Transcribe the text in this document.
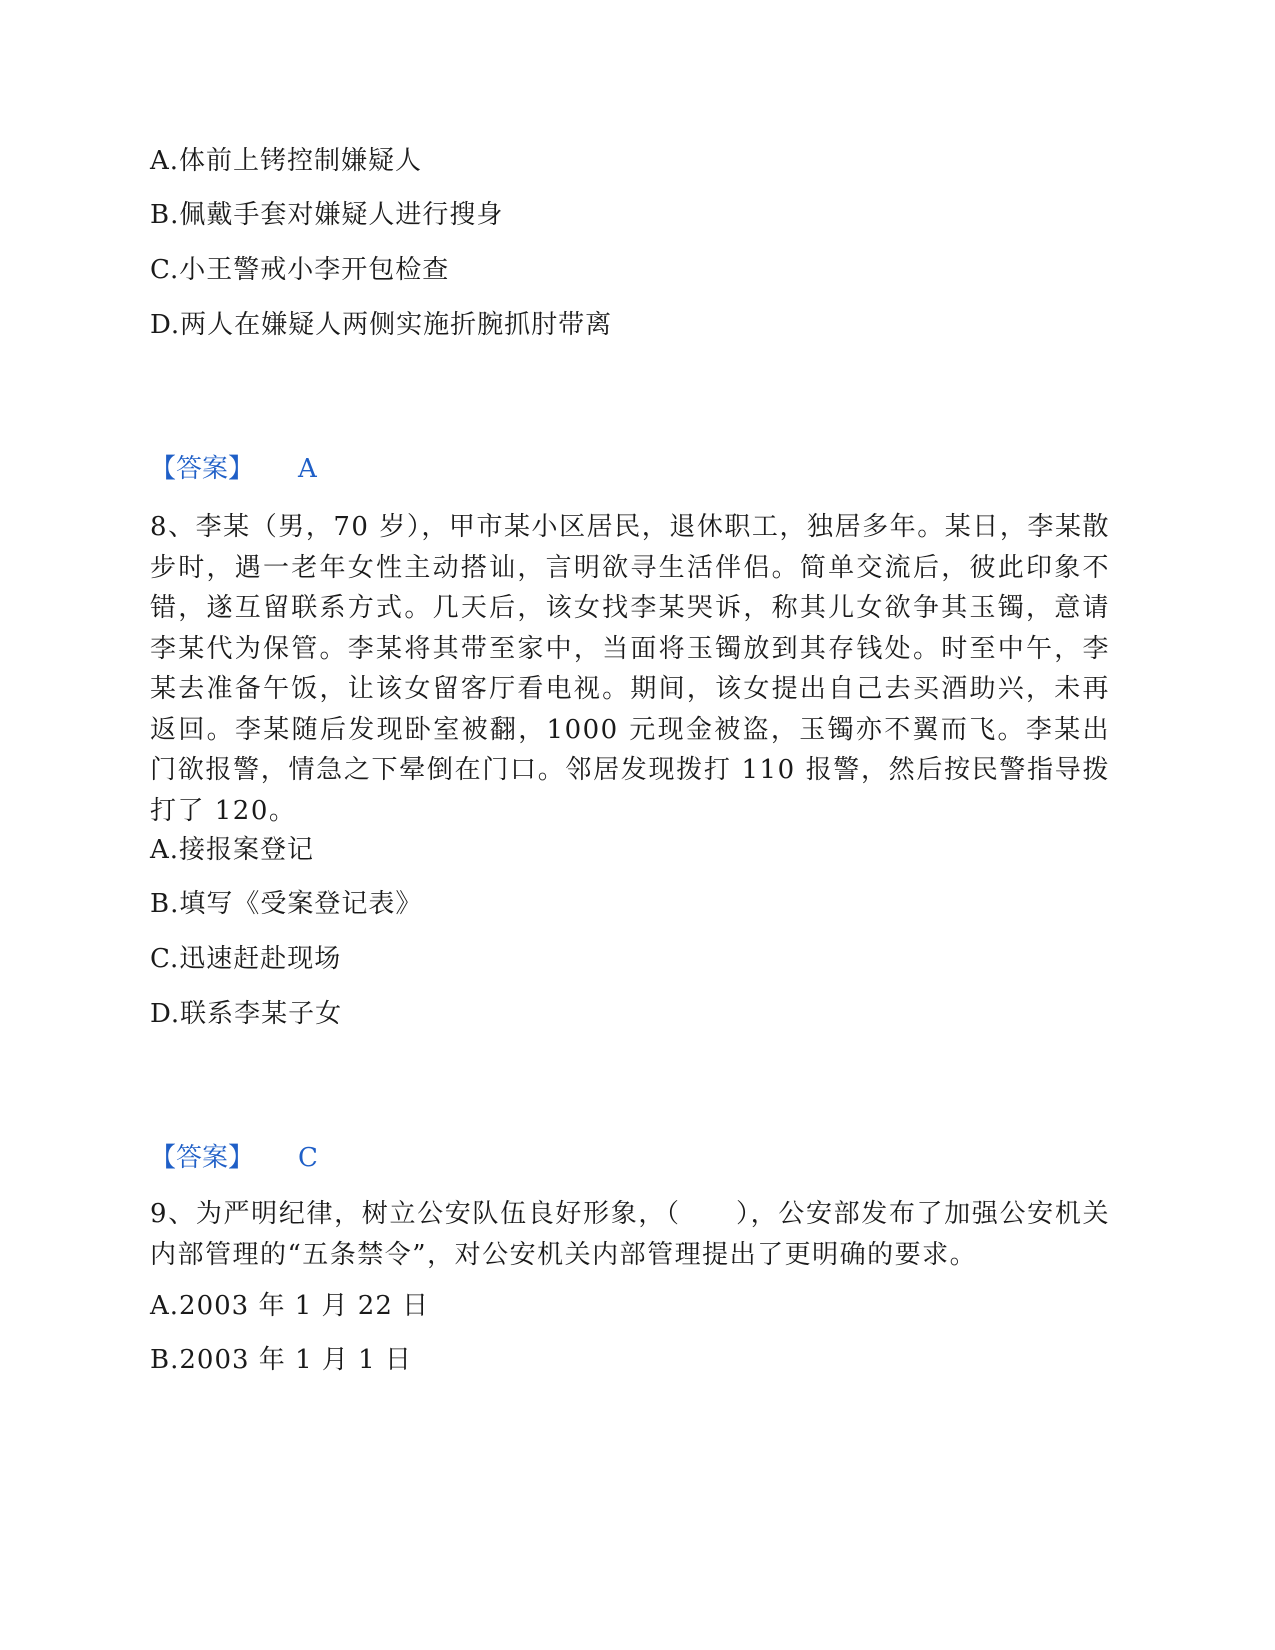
A.体前上铐控制嫌疑人
B.佩戴手套对嫌疑人进行搜身
C.小王警戒小李开包检查
D.两人在嫌疑人两侧实施折腕抓肘带离
【答案】 A
8、李某（男，70 岁），甲市某小区居民，退休职工，独居多年。某日，李某散步时，遇一老年女性主动搭讪，言明欲寻生活伴侣。简单交流后，彼此印象不错，遂互留联系方式。几天后，该女找李某哭诉，称其儿女欲争其玉镯，意请李某代为保管。李某将其带至家中，当面将玉镯放到其存钱处。时至中午，李某去准备午饭，让该女留客厅看电视。期间，该女提出自己去买酒助兴，未再返回。李某随后发现卧室被翻，1000 元现金被盗，玉镯亦不翼而飞。李某出门欲报警，情急之下晕倒在门口。邻居发现拨打 110 报警，然后按民警指导拨打了 120。
A.接报案登记
B.填写《受案登记表》
C.迅速赶赴现场
D.联系李某子女
【答案】 C
9、为严明纪律，树立公安队伍良好形象，（　　），公安部发布了加强公安机关内部管理的“五条禁令”，对公安机关内部管理提出了更明确的要求。
A.2003 年 1 月 22 日
B.2003 年 1 月 1 日
